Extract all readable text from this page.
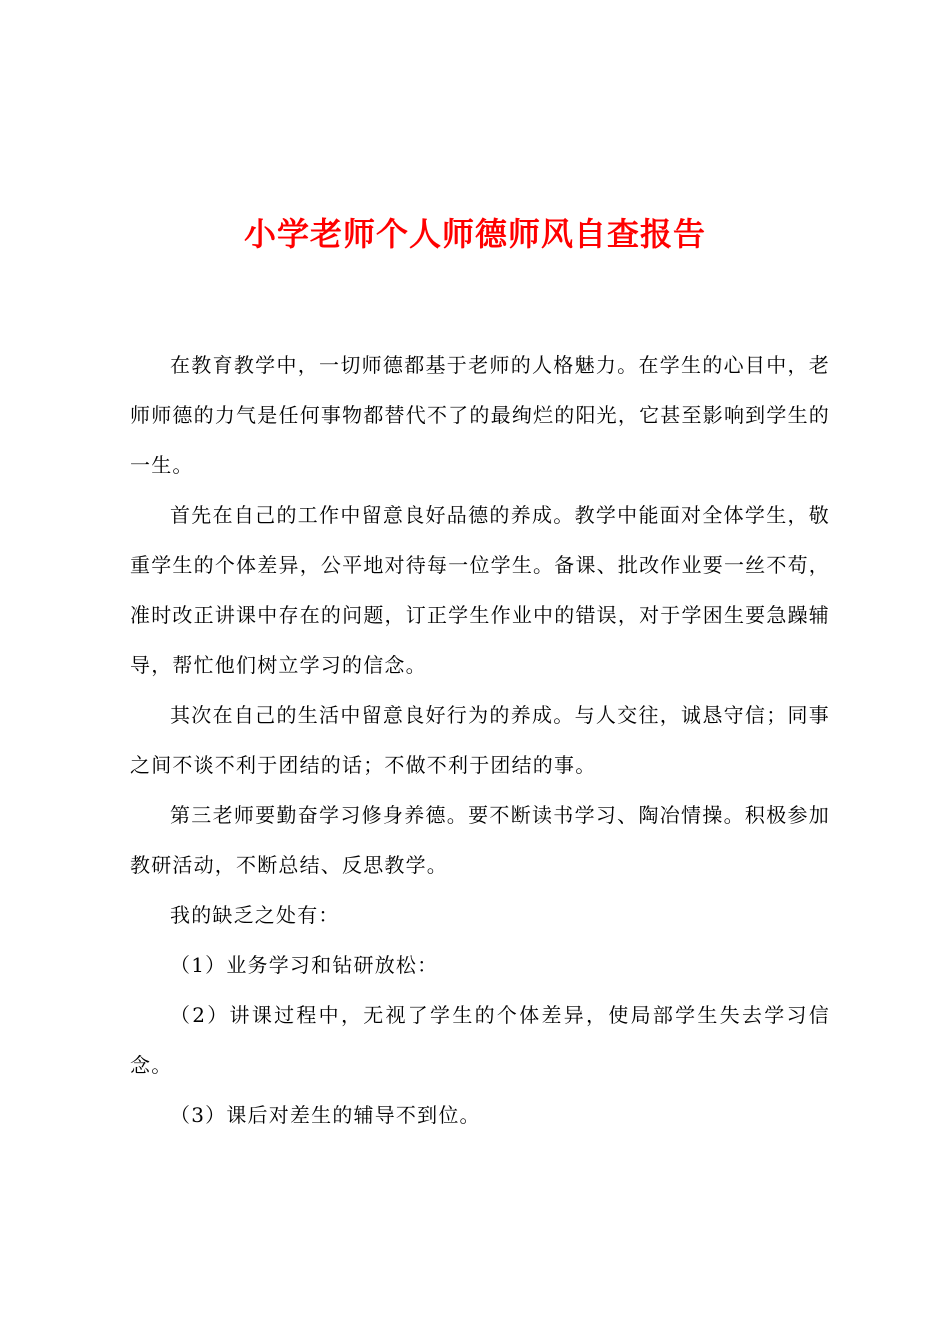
小学老师个人师德师风自查报告

在教育教学中，一切师德都基于老师的人格魅力。在学生的心目中，老师师德的力气是任何事物都替代不了的最绚烂的阳光，它甚至影响到学生的一生。

首先在自己的工作中留意良好品德的养成。教学中能面对全体学生，敬重学生的个体差异，公平地对待每一位学生。备课、批改作业要一丝不苟，准时改正讲课中存在的问题，订正学生作业中的错误，对于学困生要急躁辅导，帮忙他们树立学习的信念。

其次在自己的生活中留意良好行为的养成。与人交往，诚恳守信；同事之间不谈不利于团结的话；不做不利于团结的事。

第三老师要勤奋学习修身养德。要不断读书学习、陶冶情操。积极参加教研活动，不断总结、反思教学。

我的缺乏之处有：

（1）业务学习和钻研放松：

（2）讲课过程中，无视了学生的个体差异，使局部学生失去学习信念。

（3）课后对差生的辅导不到位。
